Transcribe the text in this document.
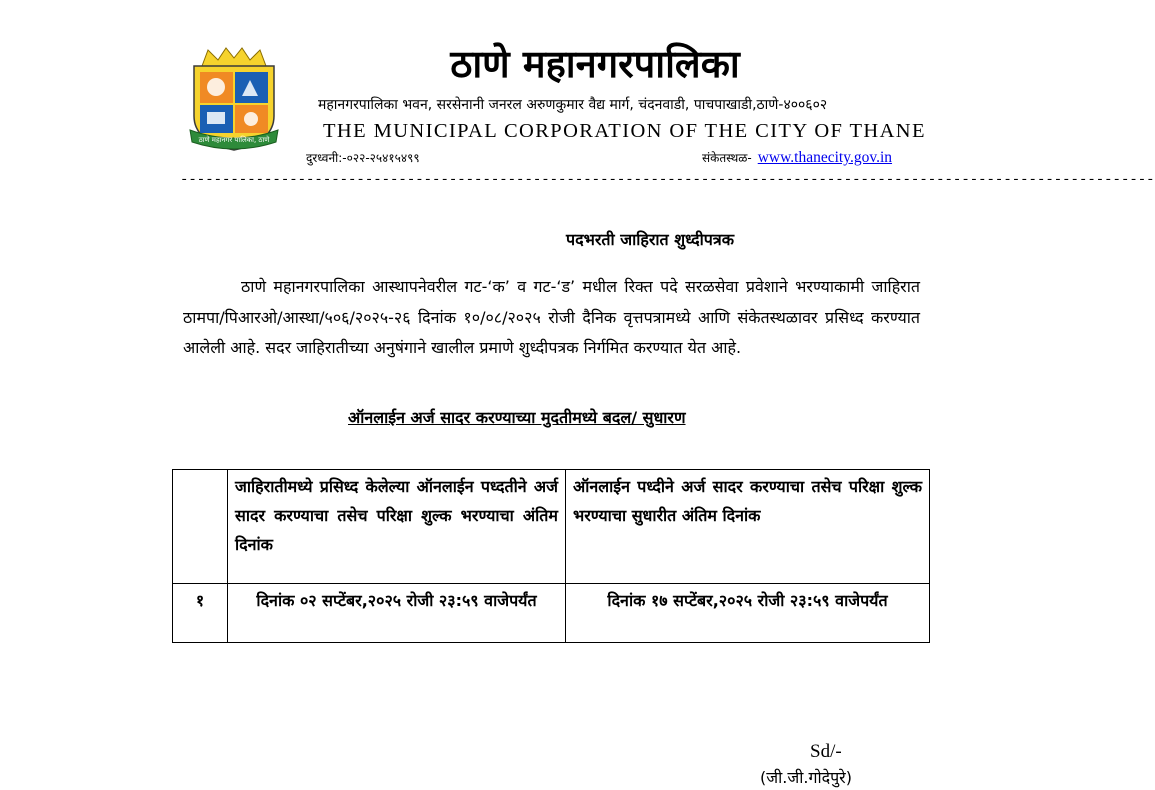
ठाणे महानगर पालिका, ठाणे
ठाणे महानगरपालिका
महानगरपालिका भवन, सरसेनानी जनरल अरुणकुमार वैद्य मार्ग, चंदनवाडी, पाचपाखाडी,ठाणे-४००६०२
THE MUNICIPAL CORPORATION OF THE CITY OF THANE
दुरध्वनी:-०२२-२५४१५४९९	संकेतस्थळ- www.thanecity.gov.in
--------------------------------------------------------------------------------------------------------------------
पदभरती जाहिरात शुध्दीपत्रक
ठाणे महानगरपालिका आस्थापनेवरील गट-‘क’ व गट-‘ड’ मधील रिक्त पदे सरळसेवा प्रवेशाने भरण्याकामी जाहिरात ठामपा/पिआरओ/आस्था/५०६/२०२५-२६ दिनांक १०/०८/२०२५ रोजी दैनिक वृत्तपत्रामध्ये आणि संकेतस्थळावर प्रसिध्द करण्यात आलेली आहे. सदर जाहिरातीच्या अनुषंगाने खालील प्रमाणे शुध्दीपत्रक निर्गमित करण्यात येत आहे.
ऑनलाईन अर्ज सादर करण्याच्या मुदतीमध्ये बदल/ सुधारण
	जाहिरातीमध्ये प्रसिध्द केलेल्या ऑनलाईन पध्दतीने अर्ज सादर करण्याचा तसेच परिक्षा शुल्क भरण्याचा अंतिम दिनांक	ऑनलाईन पध्दीने अर्ज सादर करण्याचा तसेच परिक्षा शुल्क भरण्याचा सुधारीत अंतिम दिनांक
१	दिनांक ०२ सप्टेंबर,२०२५ रोजी २३:५९ वाजेपर्यंत	दिनांक १७ सप्टेंबर,२०२५ रोजी २३:५९ वाजेपर्यंत
Sd/-
(जी.जी.गोदेपुरे)
